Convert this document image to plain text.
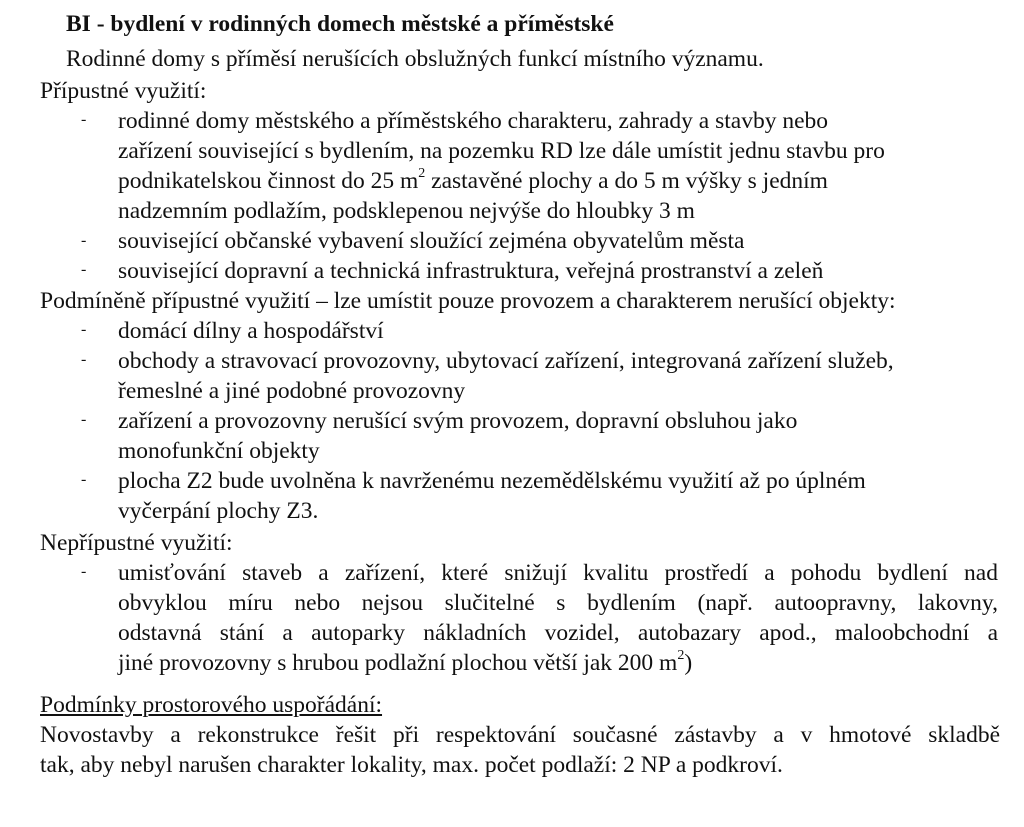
BI - bydlení v rodinných domech městské a příměstské
Rodinné domy s příměsí nerušících obslužných funkcí místního významu.
Přípustné využití:
- rodinné domy městského a příměstského charakteru, zahrady a stavby nebo
zařízení související s bydlením, na pozemku RD lze dále umístit jednu stavbu pro
podnikatelskou činnost do 25 $m^2$ zastavěné plochy a do 5 m výšky s jedním
nadzemním podlažím, podsklepenou nejvýše do hloubky 3 m
- související občanské vybavení sloužící zejména obyvatelům města
- související dopravní a technická infrastruktura, veřejná prostranství a zeleň
Podmíněně přípustné využití – lze umístit pouze provozem a charakterem nerušící objekty:
- domácí dílny a hospodářství
- obchody a stravovací provozovny, ubytovací zařízení, integrovaná zařízení služeb,
řemeslné a jiné podobné provozovny
- zařízení a provozovny nerušící svým provozem, dopravní obsluhou jako
monofunkční objekty
- plocha Z2 bude uvolněna k navrženému nezemědělskému využití až po úplném
vyčerpání plochy Z3.
Nepřípustné využití:
- umisťování staveb a zařízení, které snižují kvalitu prostředí a pohodu bydlení nad
obvyklou míru nebo nejsou slučitelné s bydlením (např. autoopravny, lakovny,
odstavná stání a autoparky nákladních vozidel, autobazary apod., maloobchodní a
jiné provozovny s hrubou podlažní plochou větší jak 200 $m^2$)
Podmínky prostorového uspořádání:
Novostavby a rekonstrukce řešit při respektování současné zástavby a v hmotové skladbě
tak, aby nebyl narušen charakter lokality, max. počet podlaží: 2 NP a podkroví.
